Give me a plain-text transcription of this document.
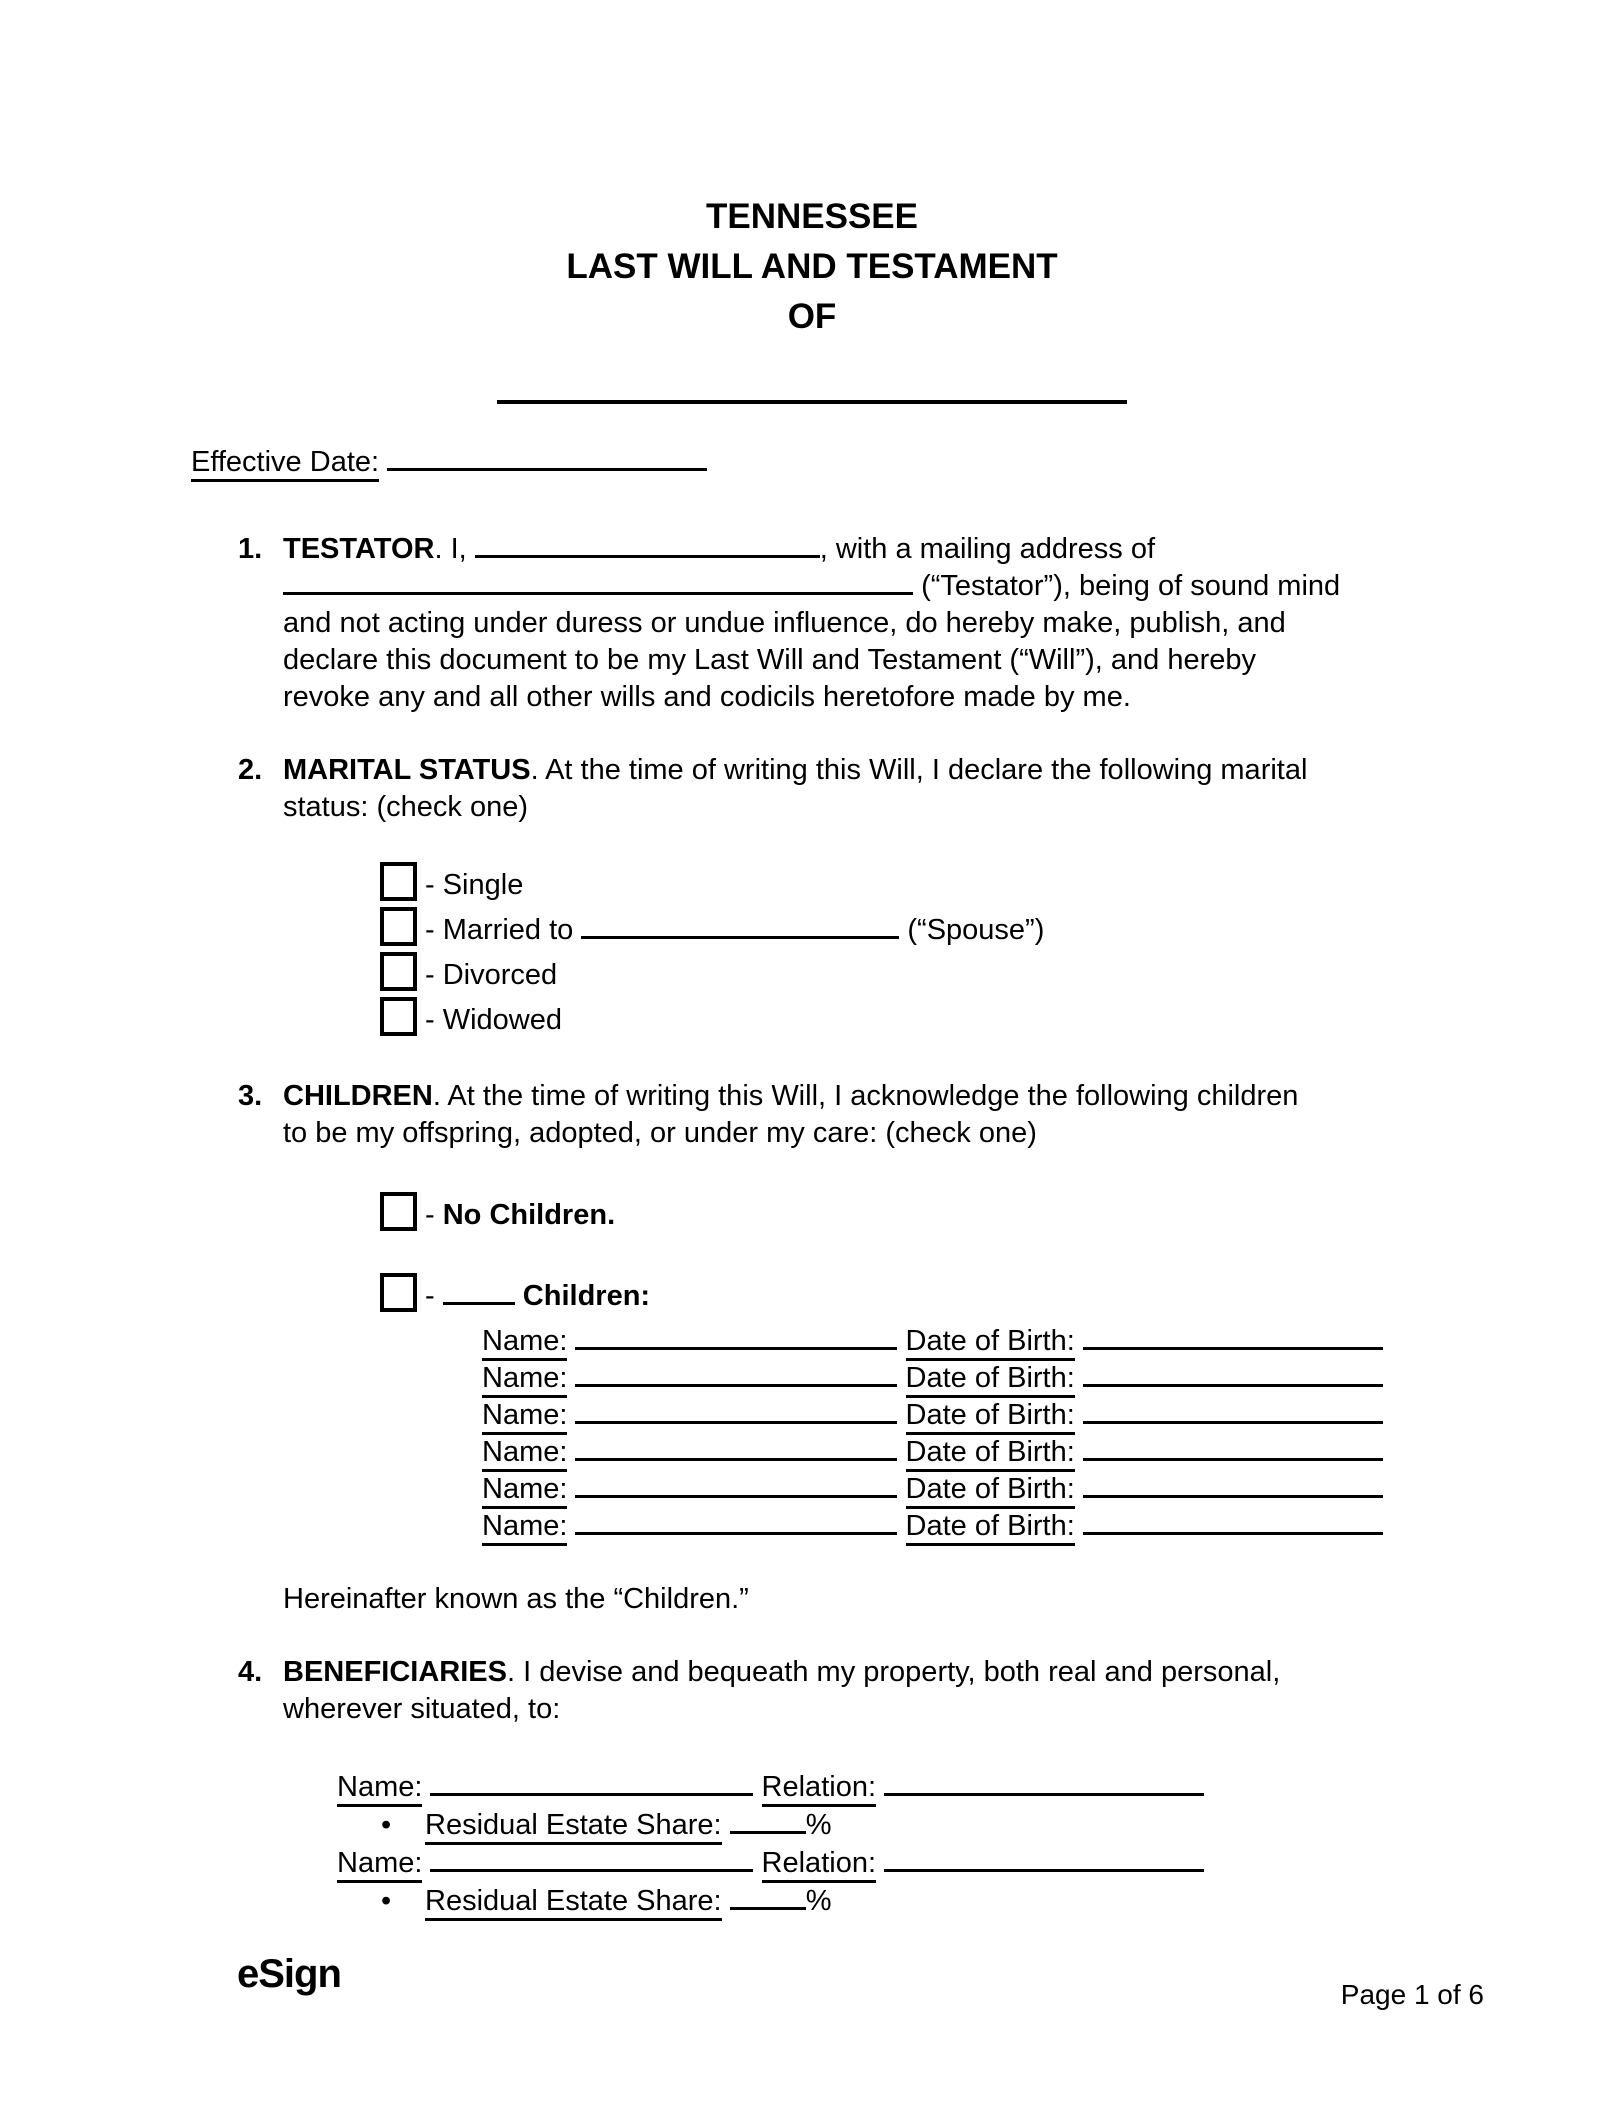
TENNESSEE
LAST WILL AND TESTAMENT
OF
Effective Date:
1. TESTATOR. I,	, with a mailing address of
(“Testator”), being of sound mind
and not acting under duress or undue influence, do hereby make, publish, and
declare this document to be my Last Will and Testament (“Will”), and hereby
revoke any and all other wills and codicils heretofore made by me.
2. MARITAL STATUS. At the time of writing this Will, I declare the following marital
status: (check one)
- Single
- Married to	(“Spouse”)
- Divorced
- Widowed
3. CHILDREN. At the time of writing this Will, I acknowledge the following children
to be my offspring, adopted, or under my care: (check one)
- No Children.
-	Children:
Name:	Date of Birth:
Name:	Date of Birth:
Name:	Date of Birth:
Name:	Date of Birth:
Name:	Date of Birth:
Name:	Date of Birth:
Hereinafter known as the “Children.”
4. BENEFICIARIES. I devise and bequeath my property, both real and personal,
wherever situated, to:
Name:	Relation:
• Residual Estate Share:	%
Name:	Relation:
• Residual Estate Share:	%
eSign	Page 1 of 6
